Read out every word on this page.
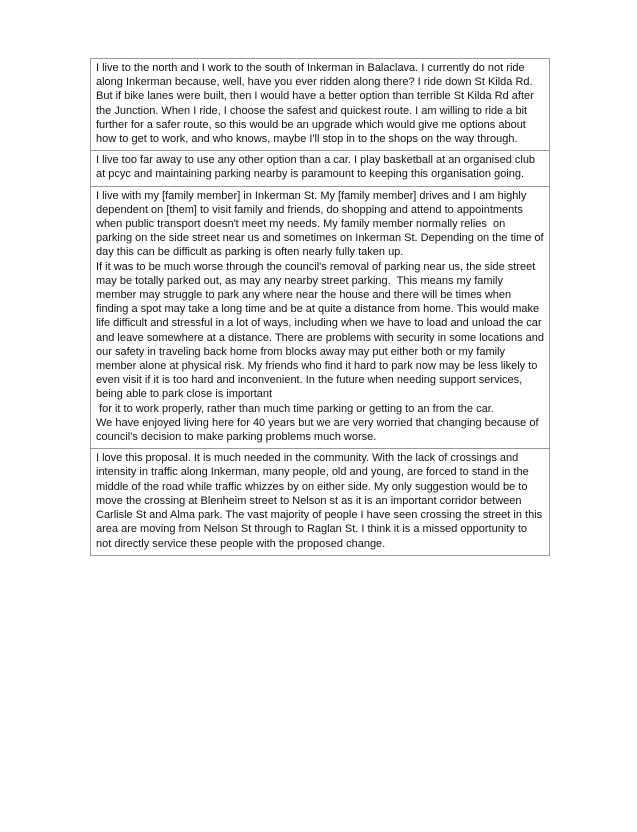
I live to the north and I work to the south of Inkerman in Balaclava. I currently do not ride along Inkerman because, well, have you ever ridden along there? I ride down St Kilda Rd. But if bike lanes were built, then I would have a better option than terrible St Kilda Rd after the Junction. When I ride, I choose the safest and quickest route. I am willing to ride a bit further for a safer route, so this would be an upgrade which would give me options about how to get to work, and who knows, maybe I'll stop in to the shops on the way through.

I live too far away to use any other option than a car. I play basketball at an organised club at pcyc and maintaining parking nearby is paramount to keeping this organisation going.

I live with my [family member] in Inkerman St. My [family member] drives and I am highly dependent on [them] to visit family and friends, do shopping and attend to appointments when public transport doesn't meet my needs. My family member normally relies  on parking on the side street near us and sometimes on Inkerman St. Depending on the time of day this can be difficult as parking is often nearly fully taken up.

If it was to be much worse through the council's removal of parking near us, the side street may be totally parked out, as may any nearby street parking.  This means my family member may struggle to park any where near the house and there will be times when finding a spot may take a long time and be at quite a distance from home. This would make life difficult and stressful in a lot of ways, including when we have to load and unload the car and leave somewhere at a distance. There are problems with security in some locations and our safety in traveling back home from blocks away may put either both or my family member alone at physical risk. My friends who find it hard to park now may be less likely to even visit if it is too hard and inconvenient. In the future when needing support services, being able to park close is important

for it to work properly, rather than much time parking or getting to an from the car.

We have enjoyed living here for 40 years but we are very worried that changing because of council's decision to make parking problems much worse.

I love this proposal. It is much needed in the community. With the lack of crossings and intensity in traffic along Inkerman, many people, old and young, are forced to stand in the middle of the road while traffic whizzes by on either side. My only suggestion would be to move the crossing at Blenheim street to Nelson st as it is an important corridor between Carlisle St and Alma park. The vast majority of people I have seen crossing the street in this area are moving from Nelson St through to Raglan St. I think it is a missed opportunity to not directly service these people with the proposed change.
